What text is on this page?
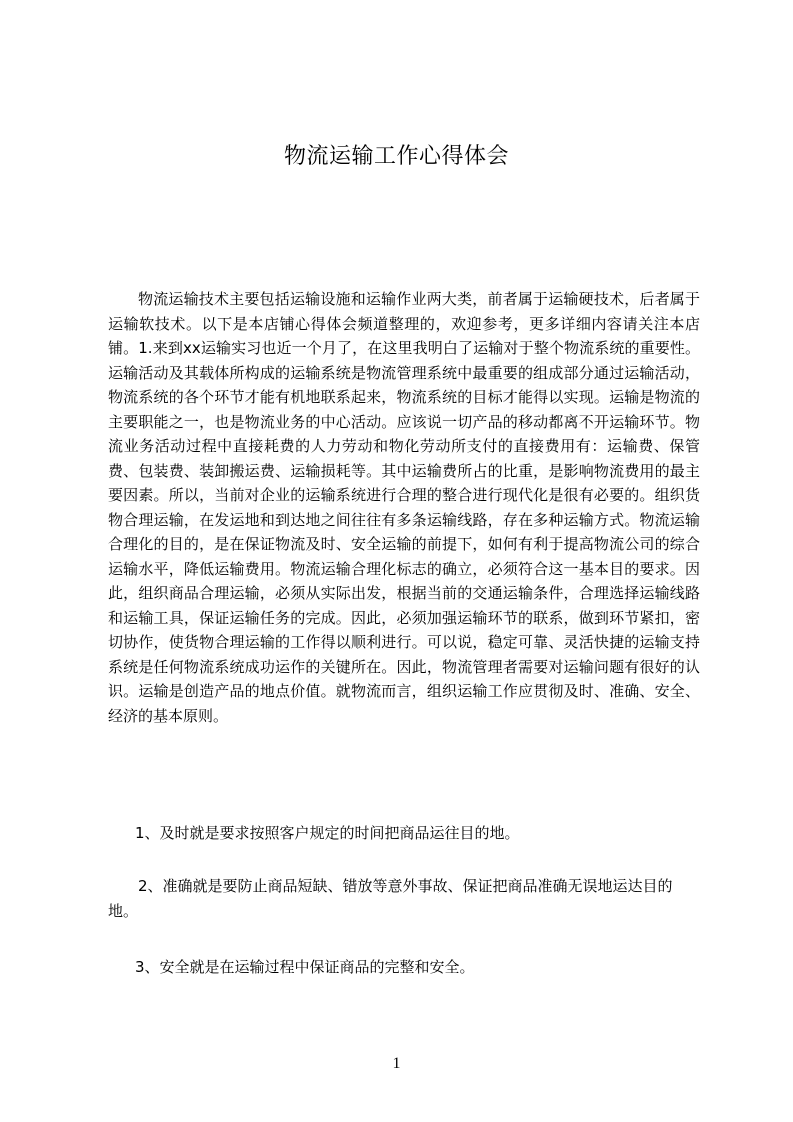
物流运输工作心得体会

物流运输技术主要包括运输设施和运输作业两大类，前者属于运输硬技术，后者属于运输软技术。以下是本店铺心得体会频道整理的，欢迎参考，更多详细内容请关注本店铺。1.来到xx运输实习也近一个月了，在这里我明白了运输对于整个物流系统的重要性。运输活动及其载体所构成的运输系统是物流管理系统中最重要的组成部分通过运输活动，物流系统的各个环节才能有机地联系起来，物流系统的目标才能得以实现。运输是物流的主要职能之一，也是物流业务的中心活动。应该说一切产品的移动都离不开运输环节。物流业务活动过程中直接耗费的人力劳动和物化劳动所支付的直接费用有：运输费、保管费、包装费、装卸搬运费、运输损耗等。其中运输费所占的比重，是影响物流费用的最主要因素。所以，当前对企业的运输系统进行合理的整合进行现代化是很有必要的。组织货物合理运输，在发运地和到达地之间往往有多条运输线路，存在多种运输方式。物流运输合理化的目的，是在保证物流及时、安全运输的前提下，如何有利于提高物流公司的综合运输水平，降低运输费用。物流运输合理化标志的确立，必须符合这一基本目的要求。因此，组织商品合理运输，必须从实际出发，根据当前的交通运输条件，合理选择运输线路和运输工具，保证运输任务的完成。因此，必须加强运输环节的联系，做到环节紧扣，密切协作，使货物合理运输的工作得以顺利进行。可以说，稳定可靠、灵活快捷的运输支持系统是任何物流系统成功运作的关键所在。因此，物流管理者需要对运输问题有很好的认识。运输是创造产品的地点价值。就物流而言，组织运输工作应贯彻及时、准确、安全、经济的基本原则。

1、及时就是要求按照客户规定的时间把商品运往目的地。

2、准确就是要防止商品短缺、错放等意外事故、保证把商品准确无误地运达目的地。

3、安全就是在运输过程中保证商品的完整和安全。

1
